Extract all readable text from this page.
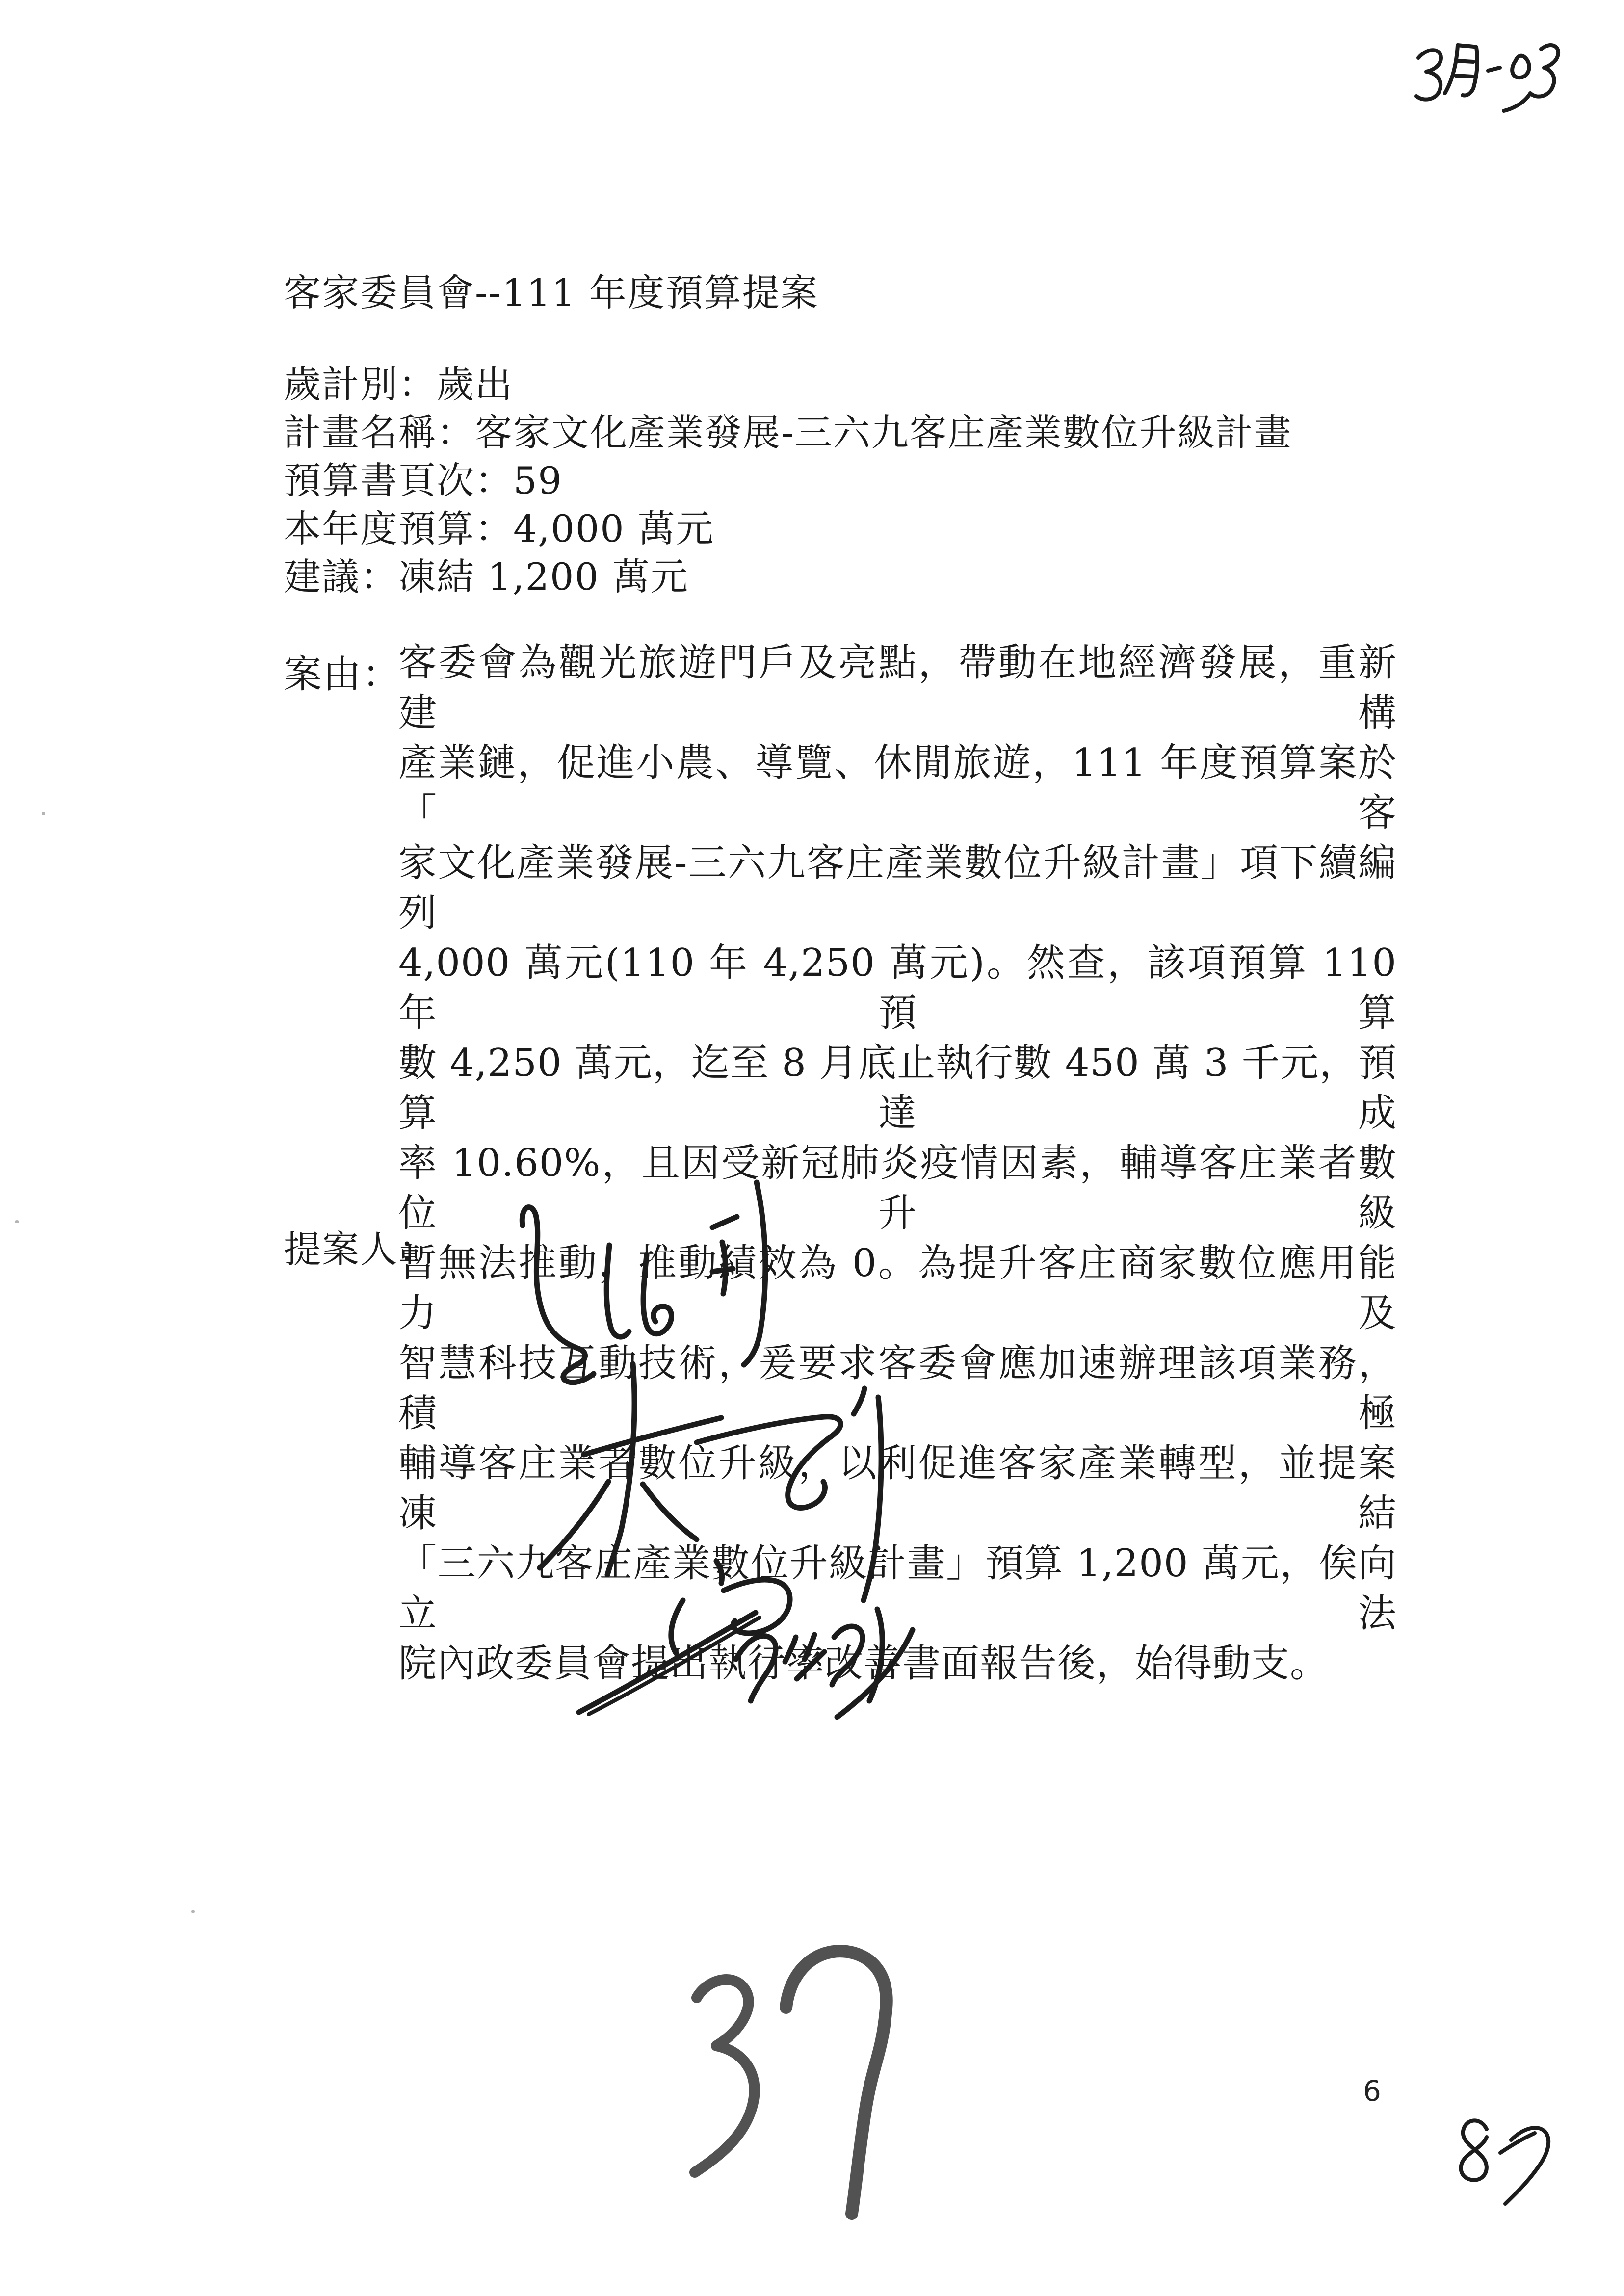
客家委員會--111 年度預算提案
歲計別：歲出
計畫名稱：客家文化產業發展-三六九客庄產業數位升級計畫
預算書頁次：59
本年度預算：4,000 萬元
建議：凍結 1,200 萬元
案由：
客委會為觀光旅遊門戶及亮點，帶動在地經濟發展，重新建構
產業鏈，促進小農、導覽、休閒旅遊，111 年度預算案於「客
家文化產業發展-三六九客庄產業數位升級計畫」項下續編列
4,000 萬元(110 年 4,250 萬元)。然查，該項預算 110 年預算
數 4,250 萬元，迄至 8 月底止執行數 450 萬 3 千元，預算達成
率 10.60%，且因受新冠肺炎疫情因素，輔導客庄業者數位升級
暫無法推動，推動績效為 0。為提升客庄商家數位應用能力及
智慧科技互動技術，爰要求客委會應加速辦理該項業務，積極
輔導客庄業者數位升級，以利促進客家產業轉型，並提案凍結
「三六九客庄產業數位升級計畫」預算 1,200 萬元，俟向立法
院內政委員會提出執行率改善書面報告後，始得動支。
提案人：
6
